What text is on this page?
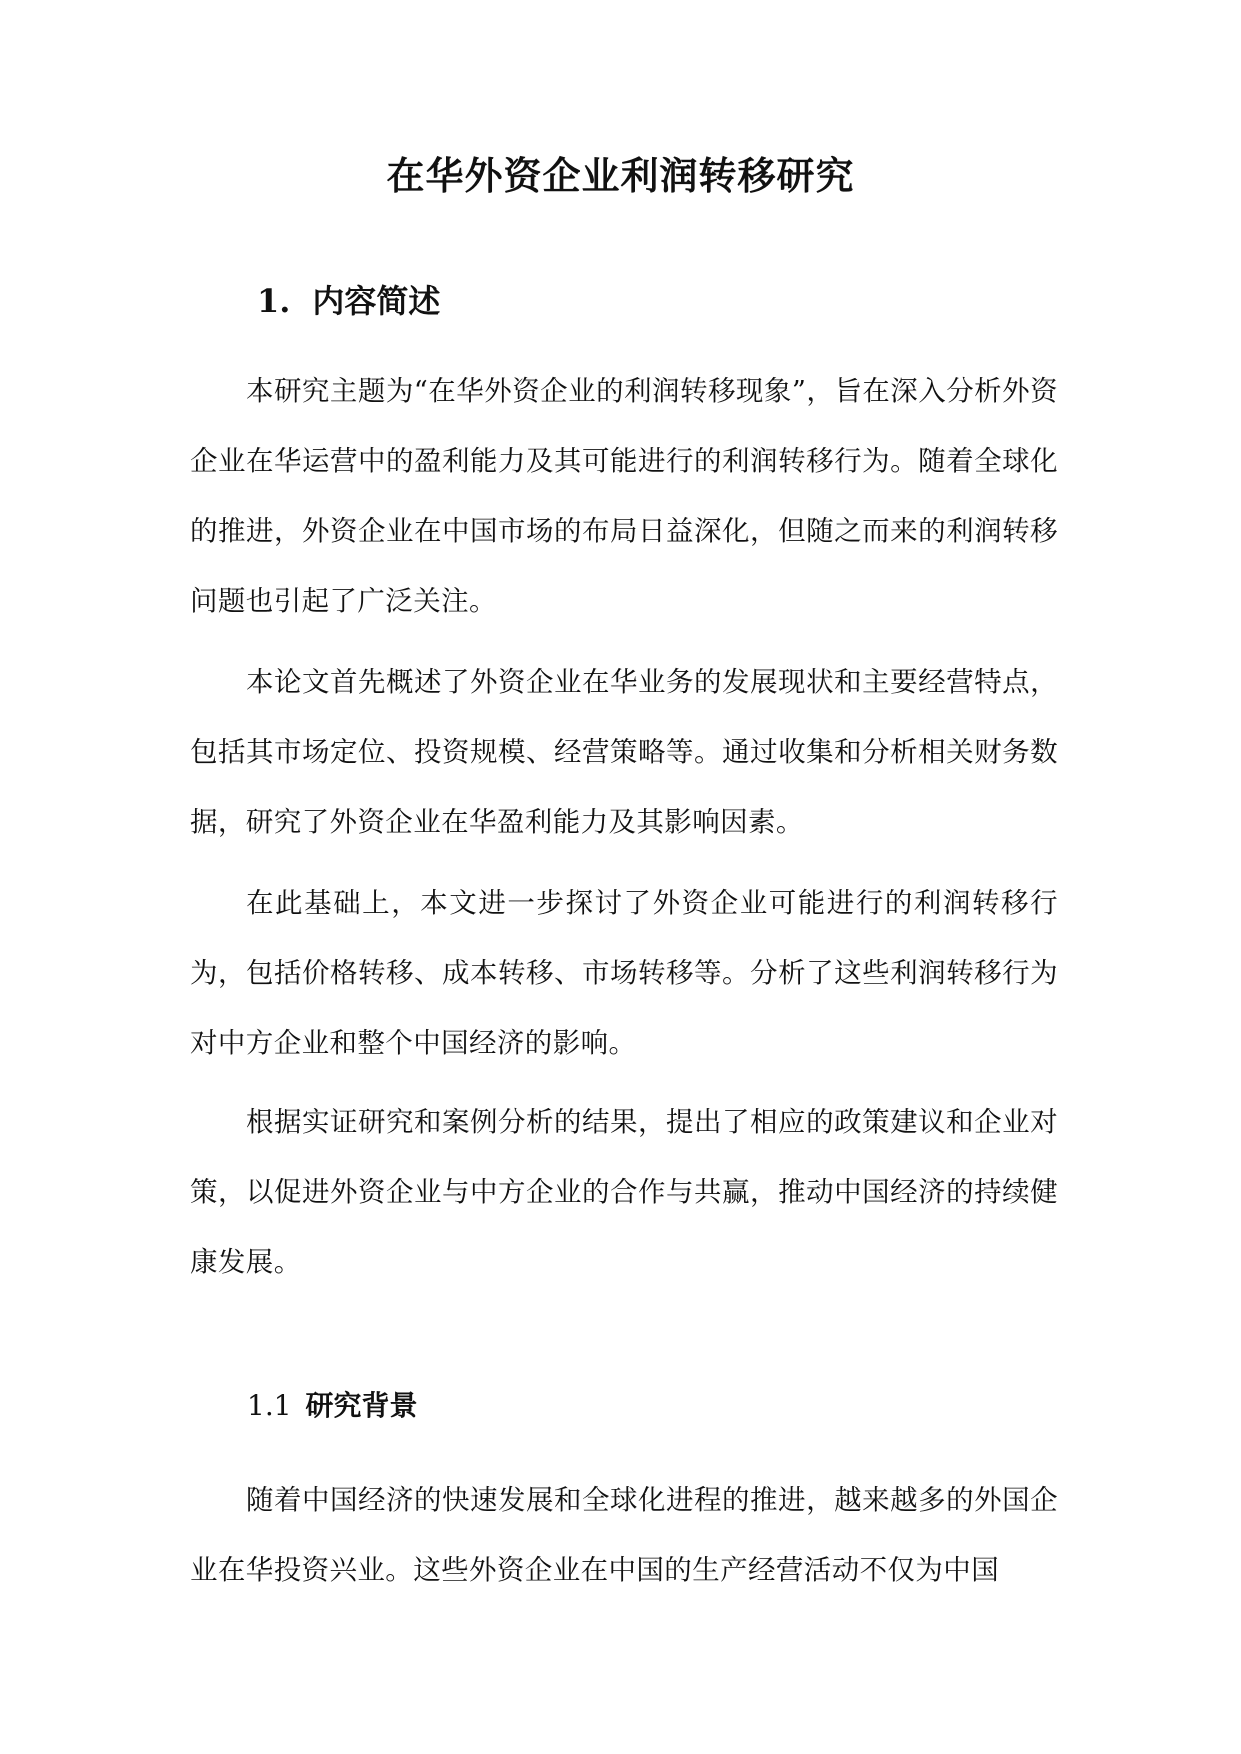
在华外资企业利润转移研究
1. 内容简述

本研究主题为“在华外资企业的利润转移现象”，旨在深入分析外资企业在华运营中的盈利能力及其可能进行的利润转移行为。随着全球化的推进，外资企业在中国市场的布局日益深化，但随之而来的利润转移问题也引起了广泛关注。

本论文首先概述了外资企业在华业务的发展现状和主要经营特点，包括其市场定位、投资规模、经营策略等。通过收集和分析相关财务数据，研究了外资企业在华盈利能力及其影响因素。

在此基础上，本文进一步探讨了外资企业可能进行的利润转移行为，包括价格转移、成本转移、市场转移等。分析了这些利润转移行为对中方企业和整个中国经济的影响。

根据实证研究和案例分析的结果，提出了相应的政策建议和企业对策，以促进外资企业与中方企业的合作与共赢，推动中国经济的持续健康发展。

1.1 研究背景

随着中国经济的快速发展和全球化进程的推进，越来越多的外国企业在华投资兴业。这些外资企业在中国的生产经营活动不仅为中国
